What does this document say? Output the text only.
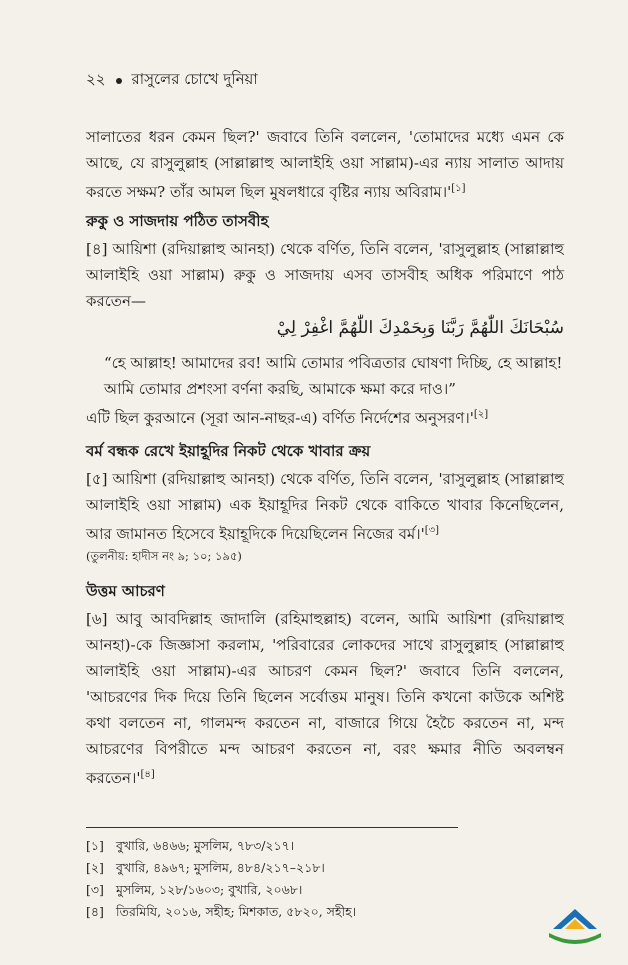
২২ রাসুলের চোখে দুনিয়া
সালাতের ধরন কেমন ছিল?' জবাবে তিনি বললেন, 'তোমাদের মধ্যে এমন কে আছে, যে রাসুলুল্লাহ (সাল্লাল্লাহু আলাইহি ওয়া সাল্লাম)-এর ন্যায় সালাত আদায় করতে সক্ষম? তাঁর আমল ছিল মুষলধারে বৃষ্টির ন্যায় অবিরাম।'[১]
রুকু ও সাজদায় পঠিত তাসবীহ
[৪] আয়িশা (রদিয়াল্লাহু আনহা) থেকে বর্ণিত, তিনি বলেন, 'রাসুলুল্লাহ (সাল্লাল্লাহু আলাইহি ওয়া সাল্লাম) রুকু ও সাজদায় এসব তাসবীহ অধিক পরিমাণে পাঠ করতেন—
سُبْحَانَكَ اللّٰهُمَّ رَبَّنَا وَبِحَمْدِكَ اللّٰهُمَّ اغْفِرْ لِيْ
“হে আল্লাহ! আমাদের রব! আমি তোমার পবিত্রতার ঘোষণা দিচ্ছি, হে আল্লাহ! আমি তোমার প্রশংসা বর্ণনা করছি, আমাকে ক্ষমা করে দাও।”
এটি ছিল কুরআনে (সূরা আন-নাছর-এ) বর্ণিত নির্দেশের অনুসরণ।'[২]
বর্ম বন্ধক রেখে ইয়াহূদির নিকট থেকে খাবার ক্রয়
[৫] আয়িশা (রদিয়াল্লাহু আনহা) থেকে বর্ণিত, তিনি বলেন, 'রাসুলুল্লাহ (সাল্লাল্লাহু আলাইহি ওয়া সাল্লাম) এক ইয়াহূদির নিকট থেকে বাকিতে খাবার কিনেছিলেন, আর জামানত হিসেবে ইয়াহূদিকে দিয়েছিলেন নিজের বর্ম।'[৩]
(তুলনীয়: হাদীস নং ৯; ১০; ১৯৫)
উত্তম আচরণ
[৬] আবু আবদিল্লাহ জাদালি (রহিমাহুল্লাহ) বলেন, আমি আয়িশা (রদিয়াল্লাহু আনহা)-কে জিজ্ঞাসা করলাম, 'পরিবারের লোকদের সাথে রাসুলুল্লাহ (সাল্লাল্লাহু আলাইহি ওয়া সাল্লাম)-এর আচরণ কেমন ছিল?' জবাবে তিনি বললেন, 'আচরণের দিক দিয়ে তিনি ছিলেন সর্বোত্তম মানুষ। তিনি কখনো কাউকে অশিষ্ট কথা বলতেন না, গালমন্দ করতেন না, বাজারে গিয়ে হৈচৈ করতেন না, মন্দ আচরণের বিপরীতে মন্দ আচরণ করতেন না, বরং ক্ষমার নীতি অবলম্বন করতেন।'[৪]
[১] বুখারি, ৬৪৬৬; মুসলিম, ৭৮৩/২১৭।
[২] বুখারি, ৪৯৬৭; মুসলিম, ৪৮৪/২১৭–২১৮।
[৩] মুসলিম, ১২৮/১৬০৩; বুখারি, ২০৬৮।
[৪] তিরমিযি, ২০১৬, সহীহ; মিশকাত, ৫৮২০, সহীহ।
